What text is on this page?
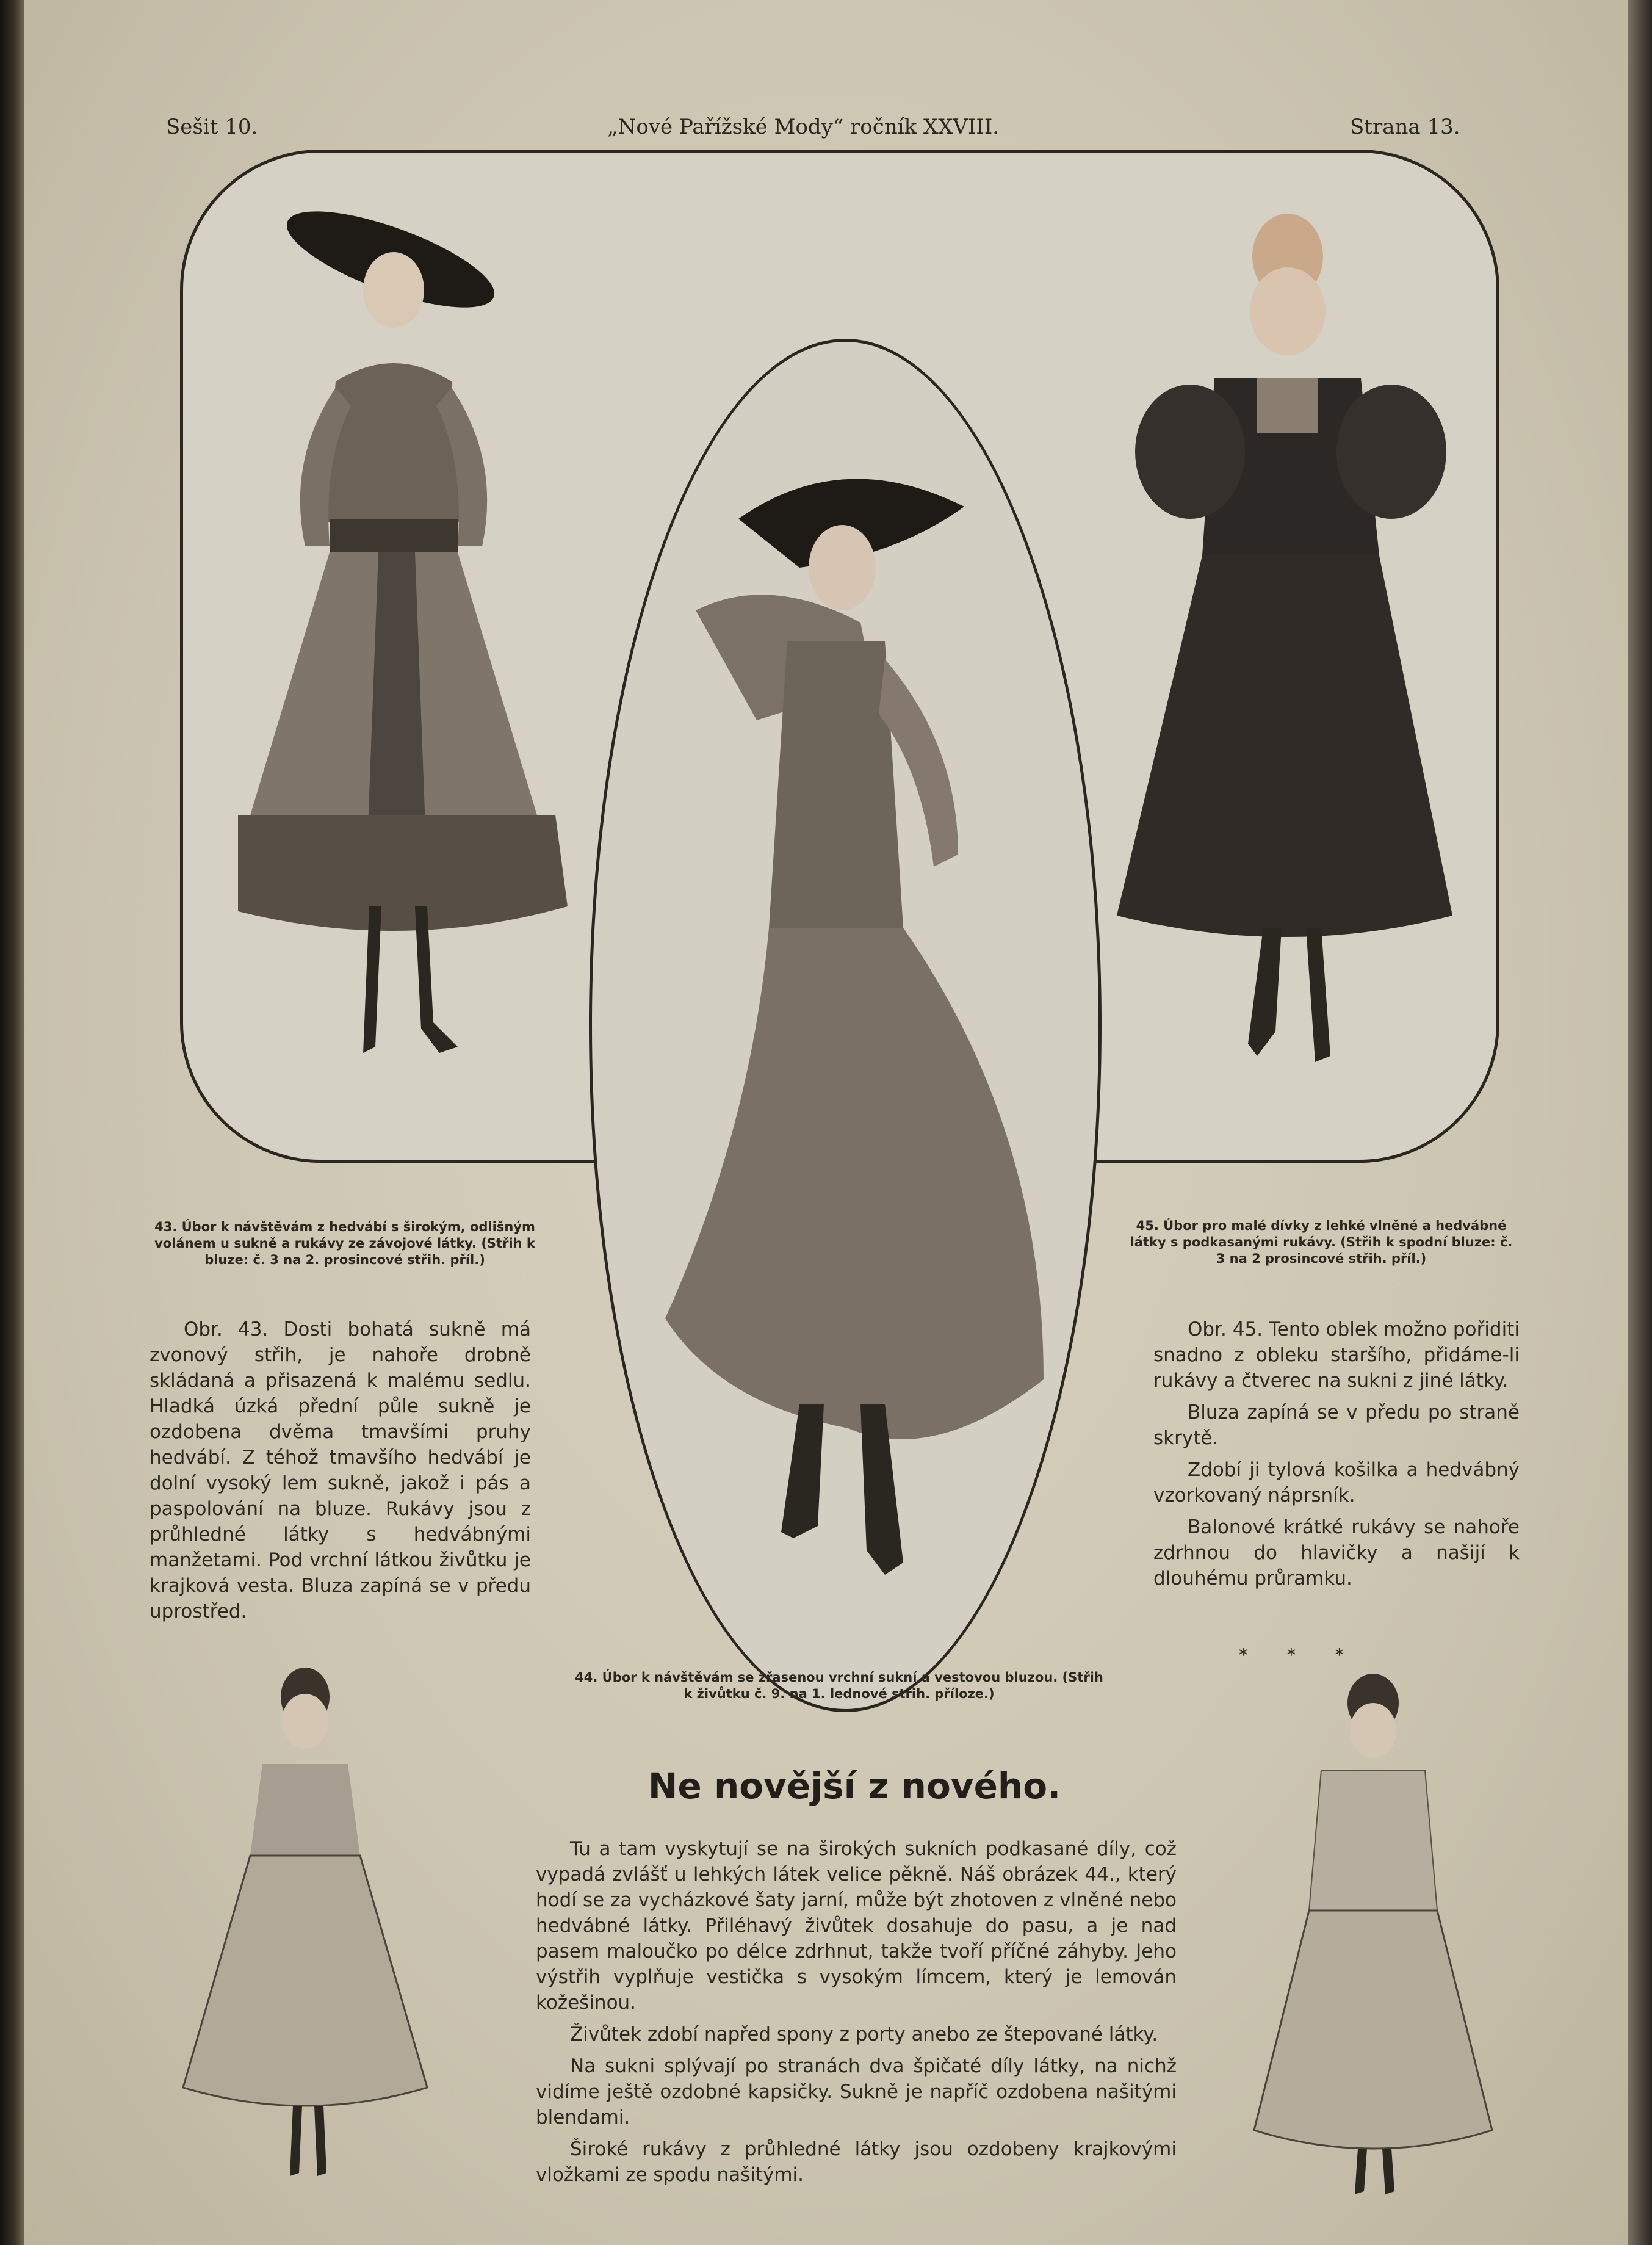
Sešit 10.	„Nové Pařížské Mody“ ročník XXVIII.	Strana 13.
43. Úbor k návštěvám z hedvábí s širokým, odlišným volánem u sukně a rukávy ze závojové látky. (Střih k bluze: č. 3 na 2. prosincové střih. příl.)
44. Úbor k návštěvám se zřasenou vrchní sukní a vestovou bluzou. (Střih k živůtku č. 9. na 1. lednové střih. příloze.)
45. Úbor pro malé dívky z lehké vlněné a hedvábné látky s podkasanými rukávy. (Střih k spodní bluze: č. 3 na 2 prosincové střih. příl.)

Obr. 43. Dosti bohatá sukně má zvonový střih, je nahoře drobně skládaná a přisazená k malému sedlu. Hladká úzká přední půle sukně je ozdobena dvěma tmavšími pruhy hedvábí. Z téhož tmavšího hedvábí je dolní vysoký lem sukně, jakož i pás a paspolování na bluze. Rukávy jsou z průhledné látky s hedvábnými manžetami. Pod vrchní látkou živůtku je krajková vesta. Bluza zapíná se v předu uprostřed.

Obr. 45. Tento oblek možno pořiditi snadno z obleku staršího, přidáme-li rukávy a čtverec na sukni z jiné látky.

Bluza zapíná se v předu po straně skrytě.

Zdobí ji tylová košilka a hedvábný vzorkovaný náprsník.

Balonové krátké rukávy se nahoře zdrhnou do hlavičky a našijí k dlouhému průramku.

* * *
Ne novější z nového.

Tu a tam vyskytují se na širokých sukních podkasané díly, což vypadá zvlášť u lehkých látek velice pěkně. Náš obrázek 44., který hodí se za vycházkové šaty jarní, může být zhotoven z vlněné nebo hedvábné látky. Přiléhavý živůtek dosahuje do pasu, a je nad pasem maloučko po délce zdrhnut, takže tvoří příčné záhyby. Jeho výstřih vyplňuje vestička s vysokým límcem, který je lemován kožešinou.

Živůtek zdobí napřed spony z porty anebo ze štepované látky.

Na sukni splývají po stranách dva špičaté díly látky, na nichž vidíme ještě ozdobné kapsičky. Sukně je napříč ozdobena našitými blendami.

Široké rukávy z průhledné látky jsou ozdobeny krajkovými vložkami ze spodu našitými.
